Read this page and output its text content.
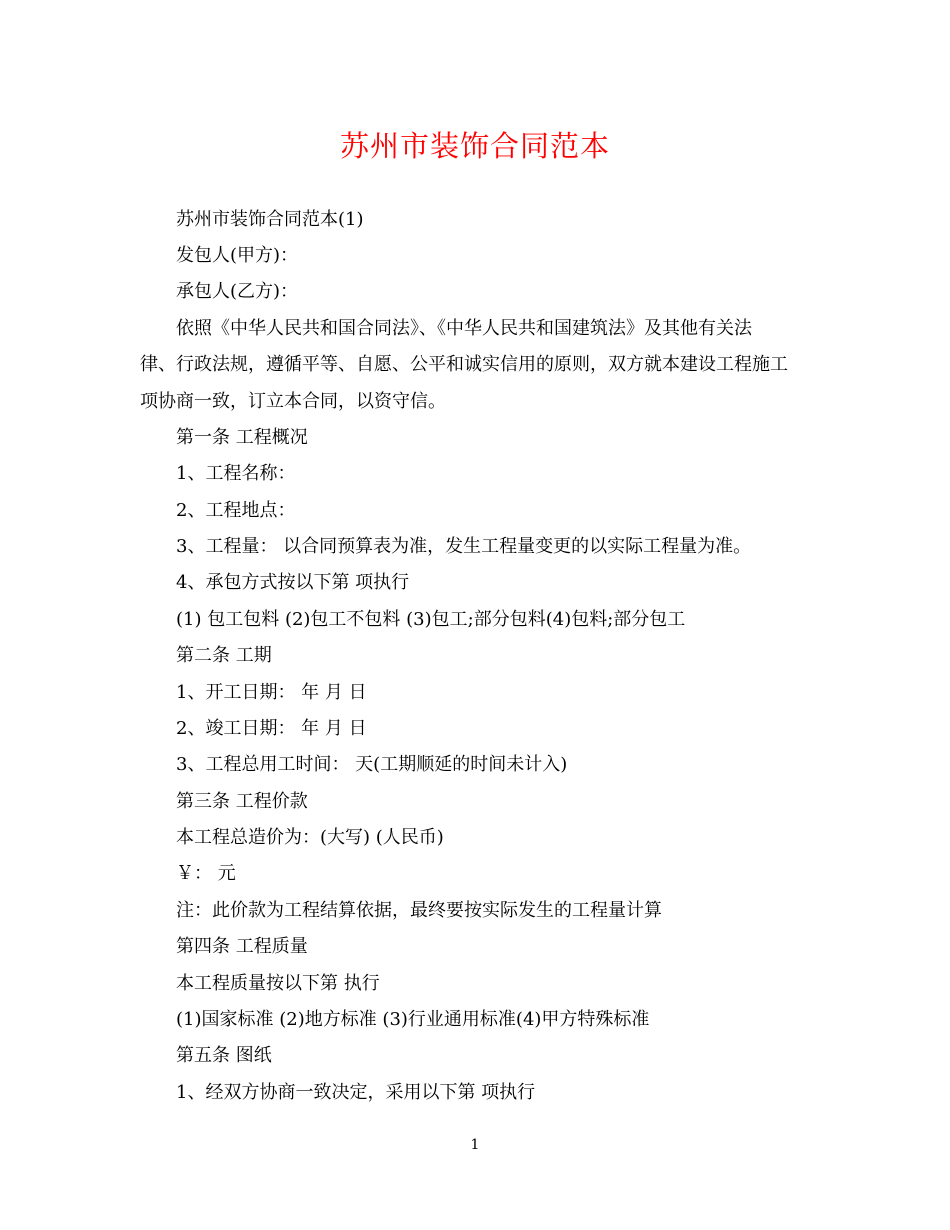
苏州市装饰合同范本
苏州市装饰合同范本(1)
发包人(甲方)：
承包人(乙方)：
依照《中华人民共和国合同法》、《中华人民共和国建筑法》及其他有关法
律、行政法规，遵循平等、自愿、公平和诚实信用的原则，双方就本建设工程施工
项协商一致，订立本合同，以资守信。
第一条 工程概况
1、工程名称：
2、工程地点：
3、工程量： 以合同预算表为准，发生工程量变更的以实际工程量为准。
4、承包方式按以下第 项执行
(1) 包工包料 (2)包工不包料 (3)包工;部分包料(4)包料;部分包工
第二条 工期
1、开工日期： 年 月 日
2、竣工日期： 年 月 日
3、工程总用工时间： 天(工期顺延的时间未计入)
第三条 工程价款
本工程总造价为：(大写) (人民币)
￥： 元
注：此价款为工程结算依据，最终要按实际发生的工程量计算
第四条 工程质量
本工程质量按以下第 执行
(1)国家标准 (2)地方标准 (3)行业通用标准(4)甲方特殊标准
第五条 图纸
1、经双方协商一致决定，采用以下第 项执行
1
